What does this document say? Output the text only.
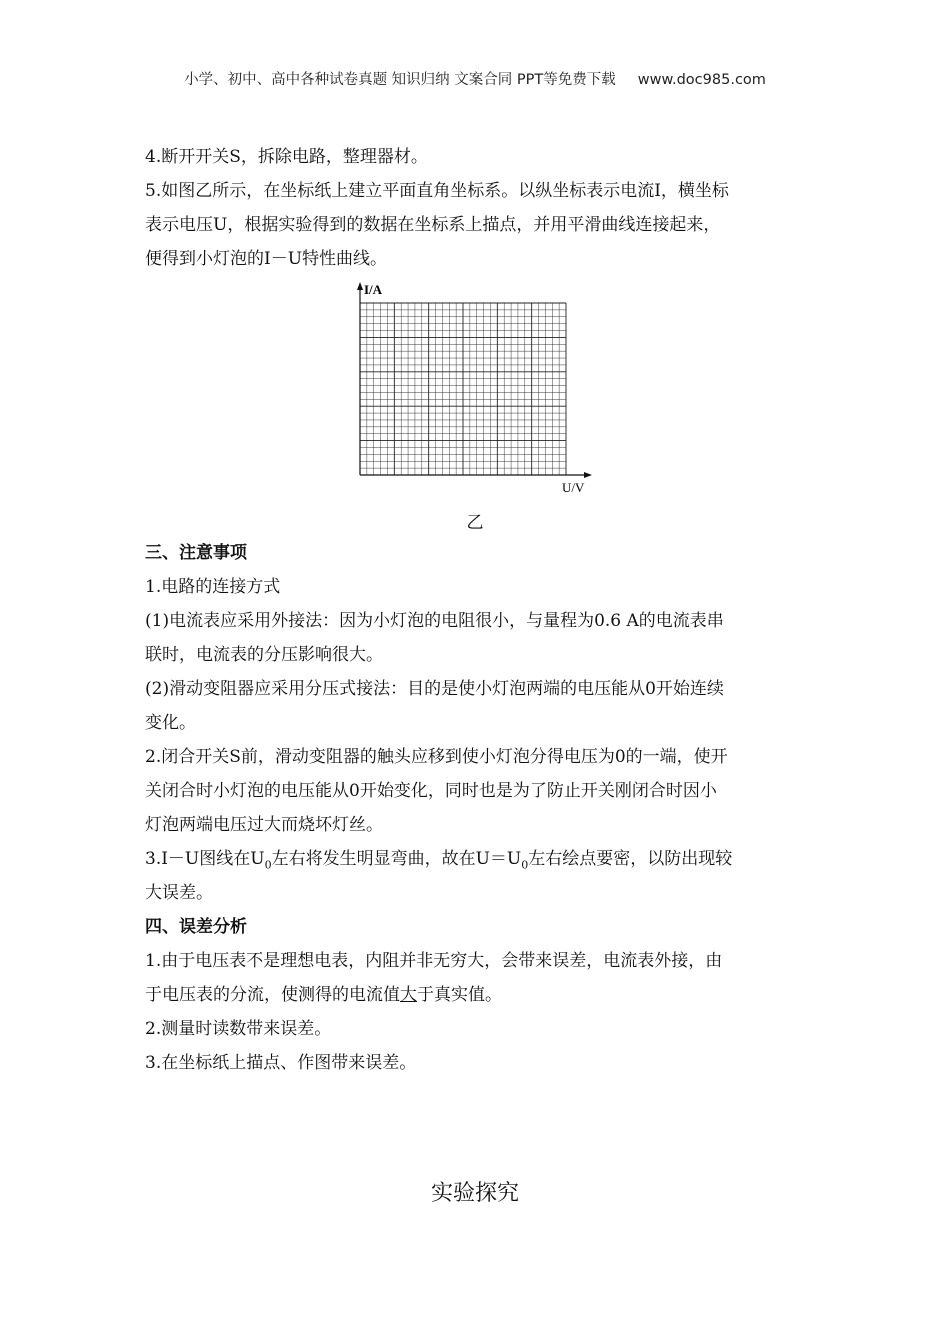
小学、初中、高中各种试卷真题 知识归纳 文案合同 PPT等免费下载 www.doc985.com

4.断开开关S，拆除电路，整理器材。

5.如图乙所示，在坐标纸上建立平面直角坐标系。以纵坐标表示电流I，横坐标

表示电压U，根据实验得到的数据在坐标系上描点，并用平滑曲线连接起来，

便得到小灯泡的I－U特性曲线。

I/A
U/V
乙

三、注意事项

1.电路的连接方式

(1)电流表应采用外接法：因为小灯泡的电阻很小，与量程为0.6 A的电流表串

联时，电流表的分压影响很大。

(2)滑动变阻器应采用分压式接法：目的是使小灯泡两端的电压能从0开始连续

变化。

2.闭合开关S前，滑动变阻器的触头应移到使小灯泡分得电压为0的一端，使开

关闭合时小灯泡的电压能从0开始变化，同时也是为了防止开关刚闭合时因小

灯泡两端电压过大而烧坏灯丝。

3.I－U图线在$U_0$左右将发生明显弯曲，故在$U=U_0$左右绘点要密，以防出现较

大误差。

四、误差分析

1.由于电压表不是理想电表，内阻并非无穷大，会带来误差，电流表外接，由

于电压表的分流，使测得的电流值大于真实值。

2.测量时读数带来误差。

3.在坐标纸上描点、作图带来误差。

实验探究
